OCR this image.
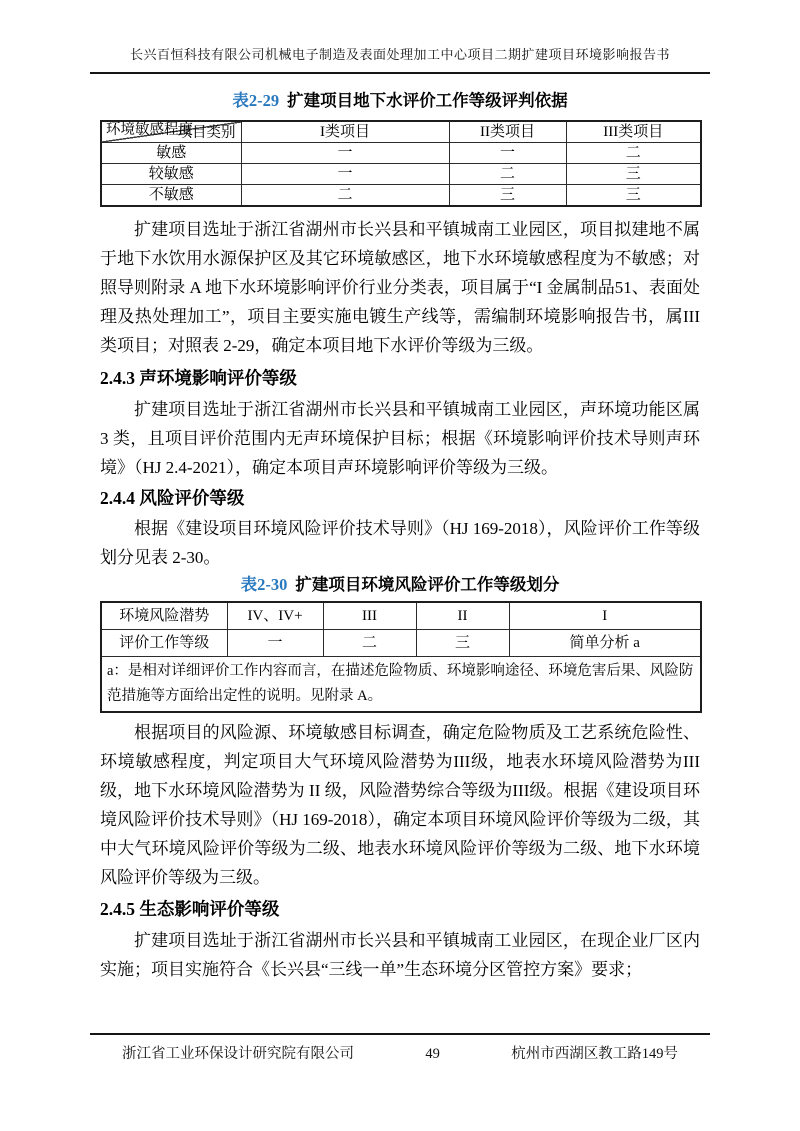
长兴百恒科技有限公司机械电子制造及表面处理加工中心项目二期扩建项目环境影响报告书
表2-29 扩建项目地下水评价工作等级评判依据
项目类别
环境敏感程度	I类项目	II类项目	III类项目
敏感	一	一	二
较敏感	一	二	三
不敏感	二	三	三
扩建项目选址于浙江省湖州市长兴县和平镇城南工业园区，项目拟建地不属于地下水饮用水源保护区及其它环境敏感区，地下水环境敏感程度为不敏感；对照导则附录 A 地下水环境影响评价行业分类表，项目属于“I 金属制品51、表面处理及热处理加工”，项目主要实施电镀生产线等，需编制环境影响报告书，属III类项目；对照表 2-29，确定本项目地下水评价等级为三级。
2.4.3 声环境影响评价等级
扩建项目选址于浙江省湖州市长兴县和平镇城南工业园区，声环境功能区属 3 类，且项目评价范围内无声环境保护目标；根据《环境影响评价技术导则声环境》（HJ 2.4-2021），确定本项目声环境影响评价等级为三级。
2.4.4 风险评价等级
根据《建设项目环境风险评价技术导则》（HJ 169-2018），风险评价工作等级划分见表 2-30。
表2-30 扩建项目环境风险评价工作等级划分
环境风险潜势	IV、IV+	III	II	I
评价工作等级	一	二	三	简单分析 a
a：是相对详细评价工作内容而言，在描述危险物质、环境影响途径、环境危害后果、风险防范措施等方面给出定性的说明。见附录 A。				
根据项目的风险源、环境敏感目标调查，确定危险物质及工艺系统危险性、环境敏感程度，判定项目大气环境风险潜势为III级，地表水环境风险潜势为III级，地下水环境风险潜势为 II 级，风险潜势综合等级为III级。根据《建设项目环境风险评价技术导则》（HJ 169-2018），确定本项目环境风险评价等级为二级，其中大气环境风险评价等级为二级、地表水环境风险评价等级为二级、地下水环境风险评价等级为三级。
2.4.5 生态影响评价等级
扩建项目选址于浙江省湖州市长兴县和平镇城南工业园区，在现企业厂区内实施；项目实施符合《长兴县“三线一单”生态环境分区管控方案》要求；
浙江省工业环保设计研究院有限公司	49	杭州市西湖区教工路149号
